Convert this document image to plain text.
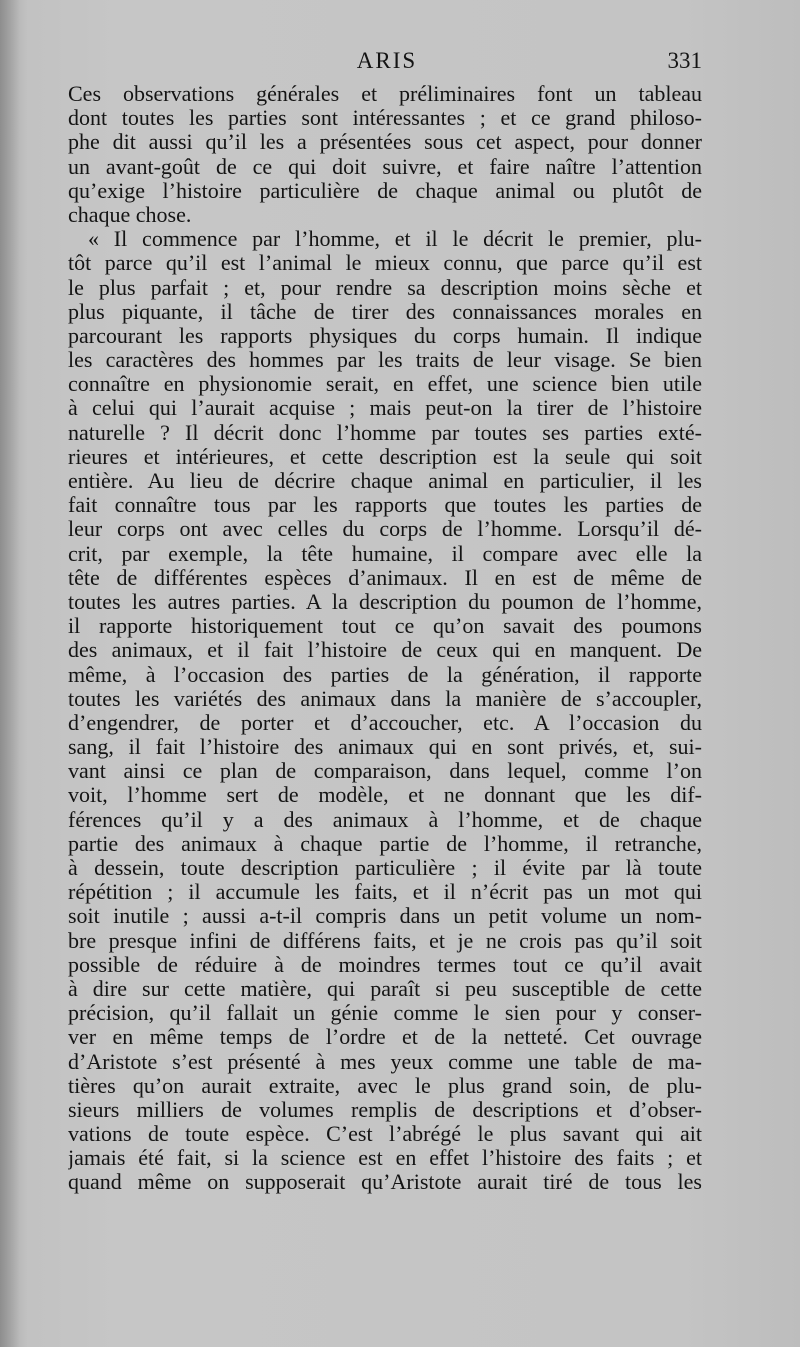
ARIS	331
Ces observations générales et préliminaires font un tableau
dont toutes les parties sont intéressantes ; et ce grand philoso-
phe dit aussi qu’il les a présentées sous cet aspect, pour donner
un avant-goût de ce qui doit suivre, et faire naître l’attention
qu’exige l’histoire particulière de chaque animal ou plutôt de
chaque chose.
« Il commence par l’homme, et il le décrit le premier, plu-
tôt parce qu’il est l’animal le mieux connu, que parce qu’il est
le plus parfait ; et, pour rendre sa description moins sèche et
plus piquante, il tâche de tirer des connaissances morales en
parcourant les rapports physiques du corps humain. Il indique
les caractères des hommes par les traits de leur visage. Se bien
connaître en physionomie serait, en effet, une science bien utile
à celui qui l’aurait acquise ; mais peut-on la tirer de l’histoire
naturelle ? Il décrit donc l’homme par toutes ses parties exté-
rieures et intérieures, et cette description est la seule qui soit
entière. Au lieu de décrire chaque animal en particulier, il les
fait connaître tous par les rapports que toutes les parties de
leur corps ont avec celles du corps de l’homme. Lorsqu’il dé-
crit, par exemple, la tête humaine, il compare avec elle la
tête de différentes espèces d’animaux. Il en est de même de
toutes les autres parties. A la description du poumon de l’homme,
il rapporte historiquement tout ce qu’on savait des poumons
des animaux, et il fait l’histoire de ceux qui en manquent. De
même, à l’occasion des parties de la génération, il rapporte
toutes les variétés des animaux dans la manière de s’accoupler,
d’engendrer, de porter et d’accoucher, etc. A l’occasion du
sang, il fait l’histoire des animaux qui en sont privés, et, sui-
vant ainsi ce plan de comparaison, dans lequel, comme l’on
voit, l’homme sert de modèle, et ne donnant que les dif-
férences qu’il y a des animaux à l’homme, et de chaque
partie des animaux à chaque partie de l’homme, il retranche,
à dessein, toute description particulière ; il évite par là toute
répétition ; il accumule les faits, et il n’écrit pas un mot qui
soit inutile ; aussi a-t-il compris dans un petit volume un nom-
bre presque infini de différens faits, et je ne crois pas qu’il soit
possible de réduire à de moindres termes tout ce qu’il avait
à dire sur cette matière, qui paraît si peu susceptible de cette
précision, qu’il fallait un génie comme le sien pour y conser-
ver en même temps de l’ordre et de la netteté. Cet ouvrage
d’Aristote s’est présenté à mes yeux comme une table de ma-
tières qu’on aurait extraite, avec le plus grand soin, de plu-
sieurs milliers de volumes remplis de descriptions et d’obser-
vations de toute espèce. C’est l’abrégé le plus savant qui ait
jamais été fait, si la science est en effet l’histoire des faits ; et
quand même on supposerait qu’Aristote aurait tiré de tous les
